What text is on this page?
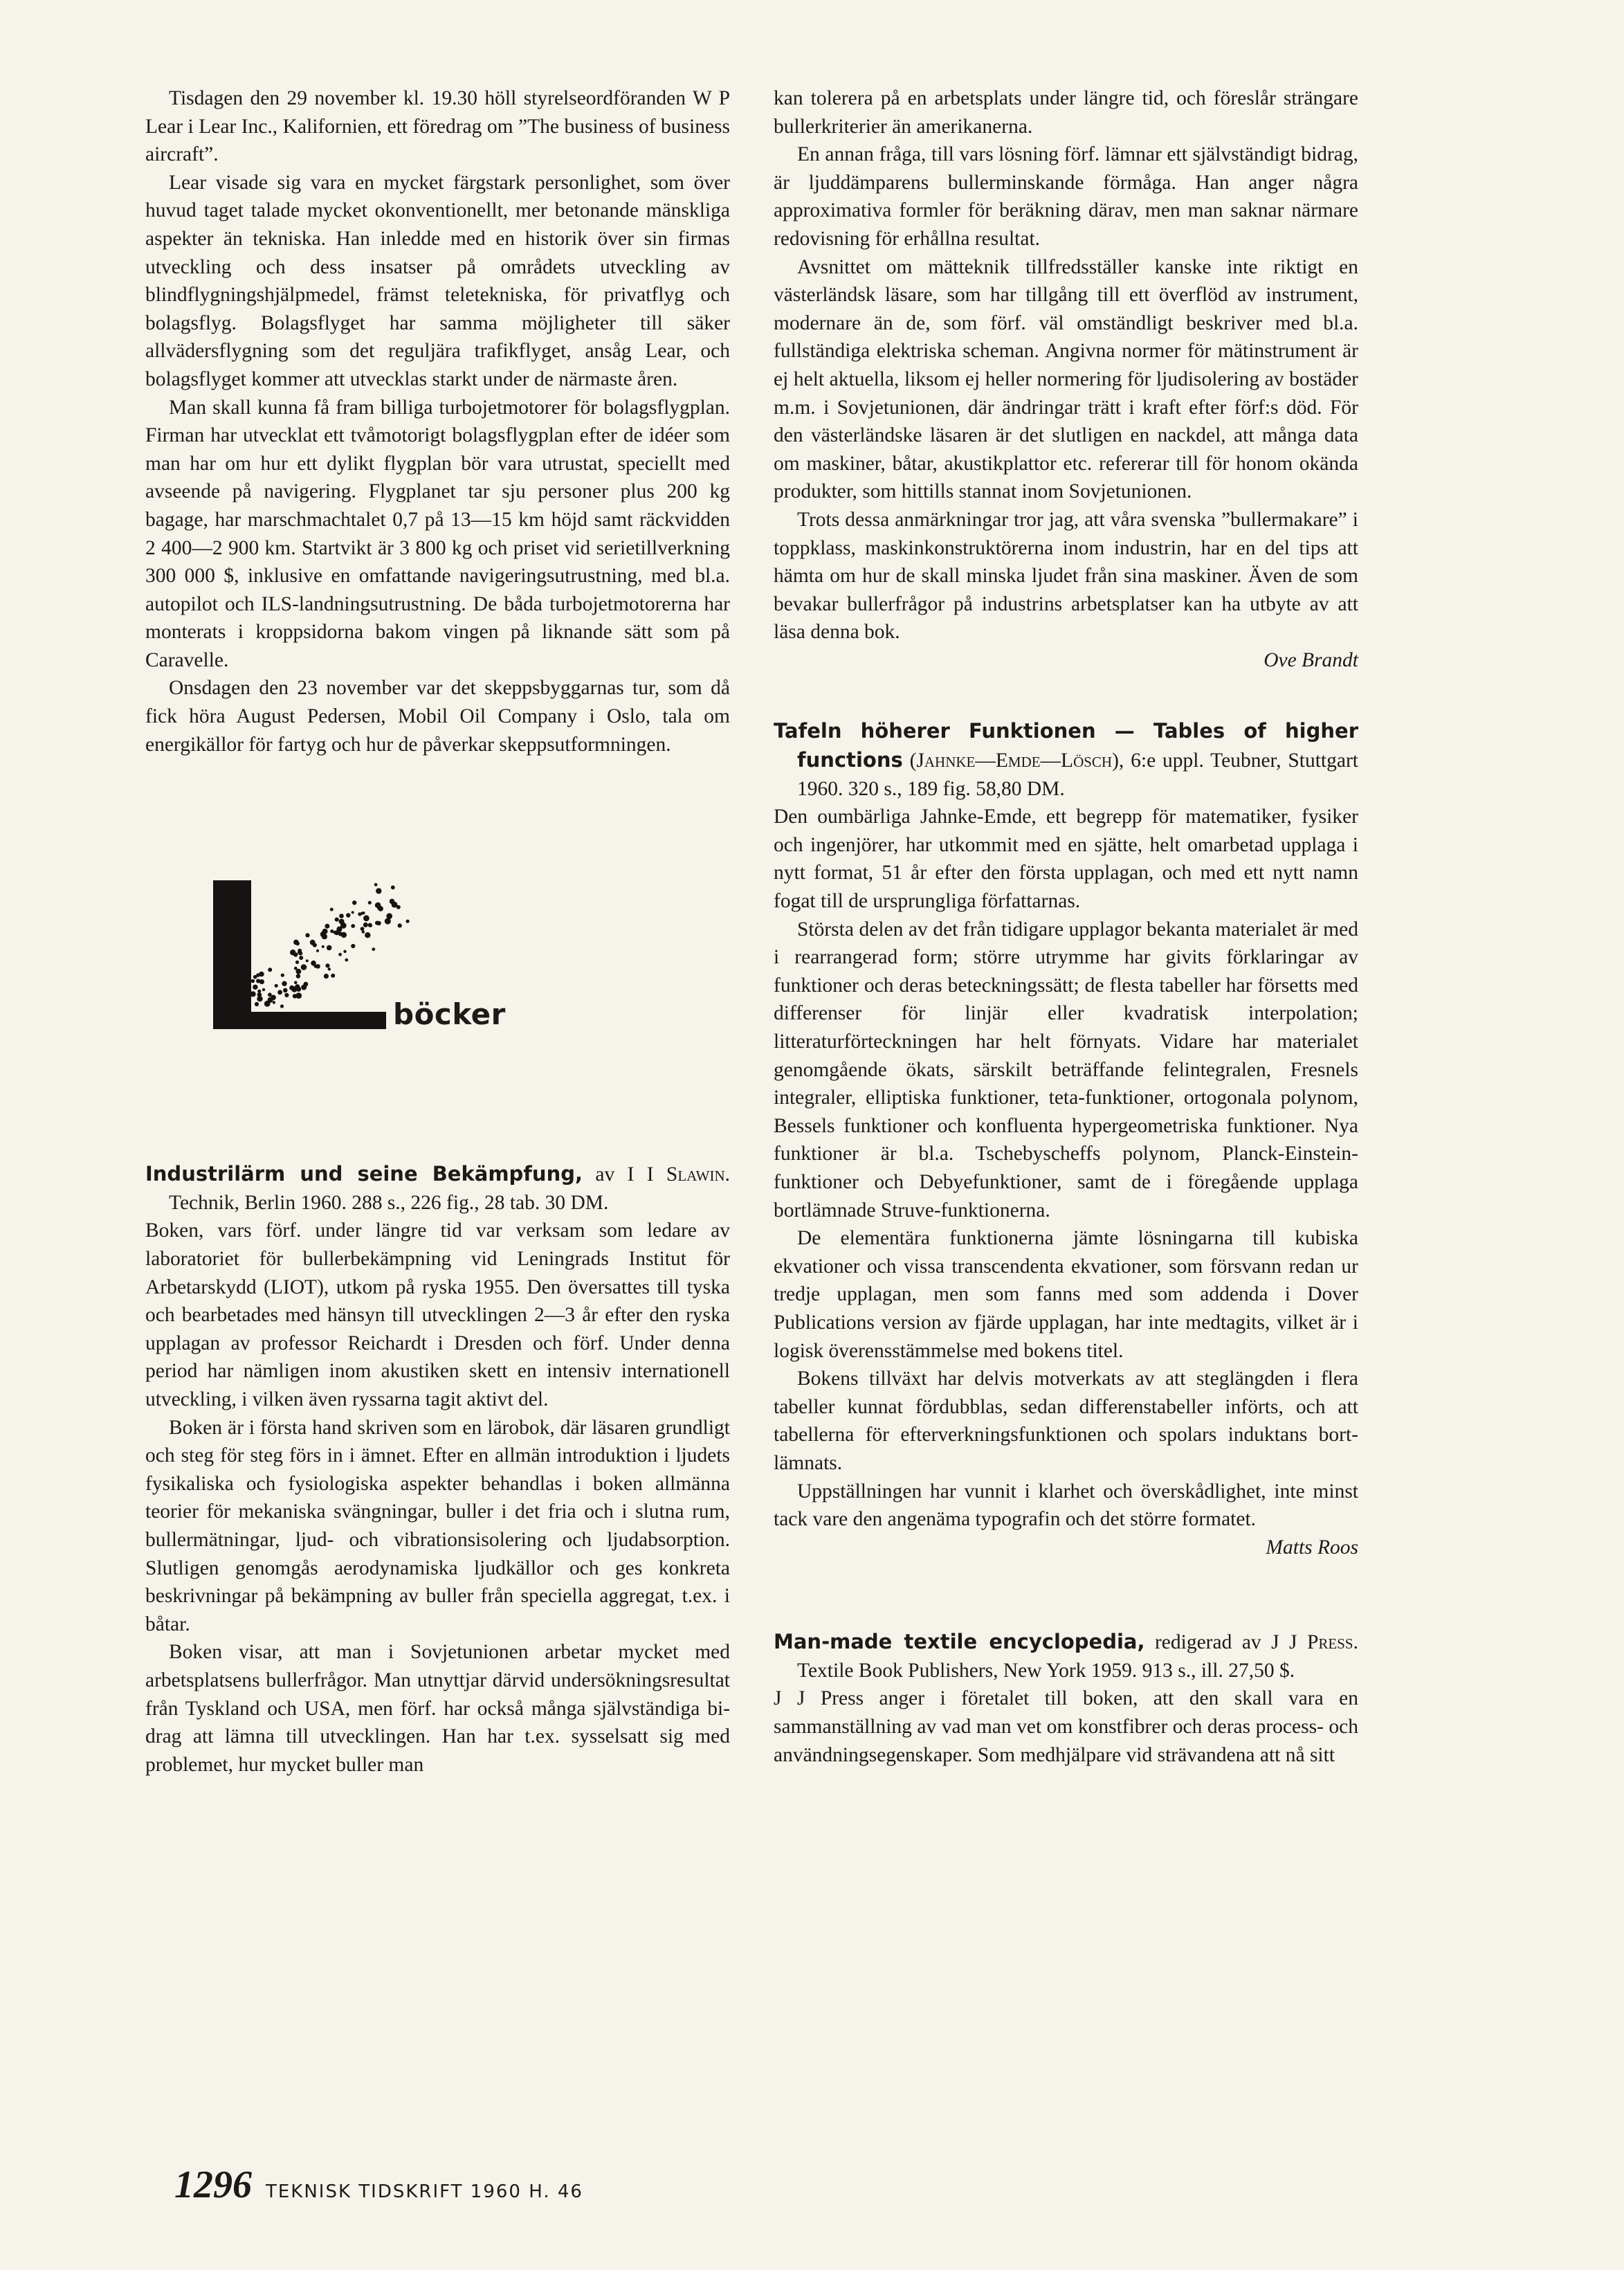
Tisdagen den 29 november kl. 19.30 höll styrelseordföranden W P Lear i Lear Inc., Kalifornien, ett föredrag om ”The business of business aircraft”.

Lear visade sig vara en mycket färgstark personlighet, som över huvud taget talade mycket okonventionellt, mer betonande mänskliga aspekter än tekniska. Han inledde med en historik över sin firmas utveckling och dess insatser på områdets utveckling av blindflygningshjälpmedel, främst teletekniska, för privatflyg och bolagsflyg. Bolagsflyget har samma möjligheter till säker allvädersflygning som det reguljära trafikflyget, ansåg Lear, och bolagsflyget kommer att utvecklas starkt under de närmaste åren.

Man skall kunna få fram billiga turbojetmotorer för bolagsflygplan. Firman har utvecklat ett tvåmotorigt bolagsflygplan efter de idéer som man har om hur ett dylikt flygplan bör vara utrustat, speciellt med avseende på navigering. Flygplanet tar sju personer plus 200 kg bagage, har marschmachtalet 0,7 på 13—15 km höjd samt räckvidden 2 400—2 900 km. Startvikt är 3 800 kg och priset vid serietillverkning 300 000 $, inklusive en omfattande navigeringsutrustning, med bl.a. autopilot och ILS-landningsutrustning. De båda turbojetmotorerna har monterats i kroppsidorna bakom vingen på liknande sätt som på Caravelle.

Onsdagen den 23 november var det skeppsbyggarnas tur, som då fick höra August Pedersen, Mobil Oil Company i Oslo, tala om energikällor för fartyg och hur de påverkar skeppsutformningen.

böcker

Industrilärm und seine Bekämpfung, av I I Slawin. Technik, Berlin 1960. 288 s., 226 fig., 28 tab. 30 DM.

Boken, vars förf. under längre tid var verksam som ledare av laboratoriet för bullerbekämpning vid Leningrads Institut för Arbetarskydd (LIOT), utkom på ryska 1955. Den översattes till tyska och bearbetades med hänsyn till utvecklingen 2—3 år efter den ryska upplagan av professor Reichardt i Dresden och förf. Under denna period har nämligen inom akustiken skett en intensiv internationell utveckling, i vilken även ryssarna tagit aktivt del.

Boken är i första hand skriven som en lärobok, där läsaren grundligt och steg för steg förs in i ämnet. Efter en allmän introduktion i ljudets fysikaliska och fysiologiska aspekter behandlas i boken allmänna teorier för mekaniska svängningar, buller i det fria och i slutna rum, bullermätningar, ljud- och vibrationsisolering och ljudabsorption. Slutligen genomgås aerodynamiska ljudkällor och ges konkreta beskrivningar på bekämpning av buller från speciella aggregat, t.ex. i båtar.

Boken visar, att man i Sovjetunionen arbetar mycket med arbetsplatsens bullerfrågor. Man utnyttjar därvid undersökningsresultat från Tyskland och USA, men förf. har också många självständiga bidrag att lämna till utvecklingen. Han har t.ex. sysselsatt sig med problemet, hur mycket buller man

kan tolerera på en arbetsplats under längre tid, och föreslår strängare bullerkriterier än amerikanerna.

En annan fråga, till vars lösning förf. lämnar ett självständigt bidrag, är ljuddämparens bullerminskande förmåga. Han anger några approximativa formler för beräkning därav, men man saknar närmare redovisning för erhållna resultat.

Avsnittet om mätteknik tillfredsställer kanske inte riktigt en västerländsk läsare, som har tillgång till ett överflöd av instrument, modernare än de, som förf. väl omständligt beskriver med bl.a. fullständiga elektriska scheman. Angivna normer för mätinstrument är ej helt aktuella, liksom ej heller normering för ljudisolering av bostäder m.m. i Sovjetunionen, där ändringar trätt i kraft efter förf:s död. För den västerländske läsaren är det slutligen en nackdel, att många data om maskiner, båtar, akustikplattor etc. refererar till för honom okända produkter, som hittills stannat inom Sovjetunionen.

Trots dessa anmärkningar tror jag, att våra svenska ”bullermakare” i toppklass, maskinkonstruktörerna inom industrin, har en del tips att hämta om hur de skall minska ljudet från sina maskiner. Även de som bevakar bullerfrågor på industrins arbetsplatser kan ha utbyte av att läsa denna bok.

Ove Brandt
Tafeln höherer Funktionen — Tables of higher functions (Jahnke—Emde—Lösch), 6:e uppl. Teubner, Stuttgart 1960. 320 s., 189 fig. 58,80 DM.

Den oumbärliga Jahnke-Emde, ett begrepp för matematiker, fysiker och ingenjörer, har utkommit med en sjätte, helt omarbetad upplaga i nytt format, 51 år efter den första upplagan, och med ett nytt namn fogat till de ursprungliga författarnas.

Största delen av det från tidigare upplagor bekanta materialet är med i rearrangerad form; större utrymme har givits förklaringar av funktioner och deras beteckningssätt; de flesta tabeller har försetts med differenser för linjär eller kvadratisk interpolation; litteraturförteckningen har helt förnyats. Vidare har materialet genomgående ökats, särskilt beträffande felintegralen, Fresnels integraler, elliptiska funktioner, teta-funktioner, ortogonala polynom, Bessels funktioner och konfluenta hypergeometriska funktioner. Nya funktioner är bl.a. Tschebyscheffs polynom, Planck-Einstein-funktioner och Debyefunktioner, samt de i föregående upplaga bortlämnade Struve-funktionerna.

De elementära funktionerna jämte lösningarna till kubiska ekvationer och vissa transcendenta ekvationer, som försvann redan ur tredje upplagan, men som fanns med som addenda i Dover Publications version av fjärde upplagan, har inte medtagits, vilket är i logisk överensstämmelse med bokens titel.

Bokens tillväxt har delvis motverkats av att steglängden i flera tabeller kunnat fördubblas, sedan differenstabeller införts, och att tabellerna för efterverkningsfunktionen och spolars induktans bortlämnats.

Uppställningen har vunnit i klarhet och överskådlighet, inte minst tack vare den angenäma typografin och det större formatet.

Matts Roos
Man-made textile encyclopedia, redigerad av J J Press. Textile Book Publishers, New York 1959. 913 s., ill. 27,50 $.

J J Press anger i företalet till boken, att den skall vara en sammanställning av vad man vet om konstfibrer och deras process- och användningsegenskaper. Som medhjälpare vid strävandena att nå sitt

1296 TEKNISK TIDSKRIFT 1960 H. 46
